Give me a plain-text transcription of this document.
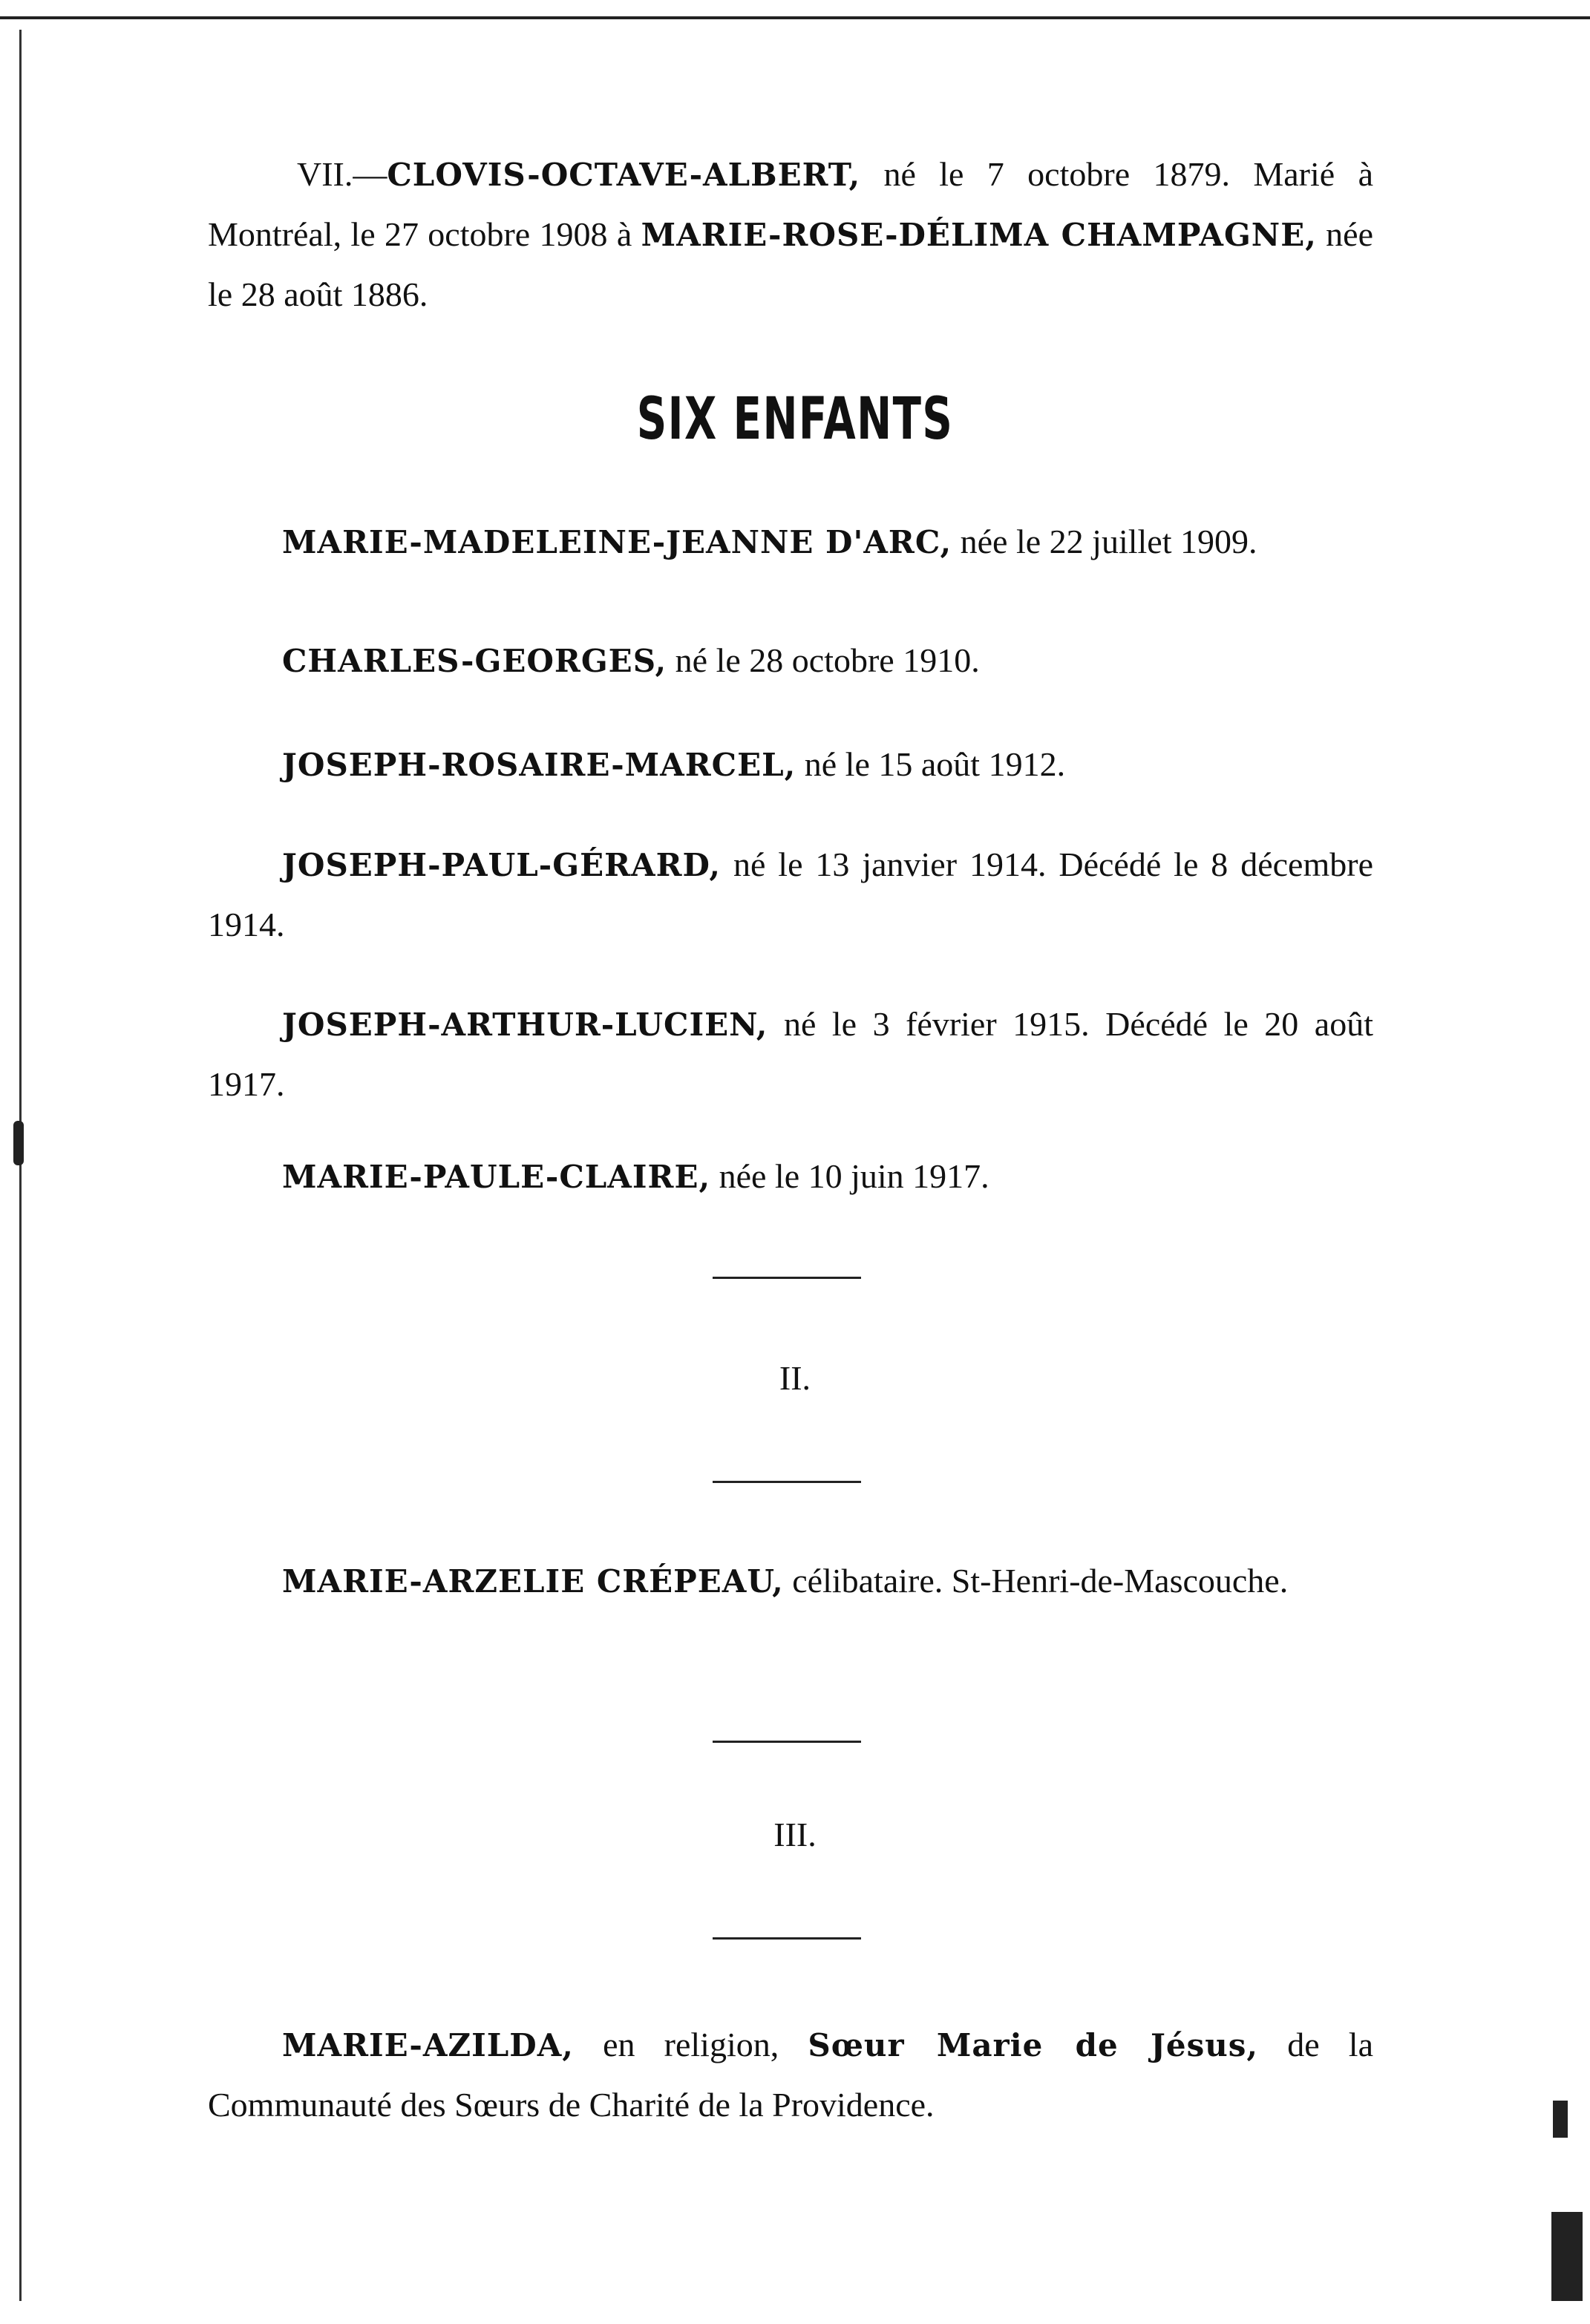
VII.—CLOVIS-OCTAVE-ALBERT, né le 7 octobre 1879. Marié à Montréal, le 27 octobre 1908 à MARIE-ROSE-DÉLIMA CHAMPAGNE, née le 28 août 1886.

SIX ENFANTS

MARIE-MADELEINE-JEANNE D'ARC, née le 22 juillet 1909.

CHARLES-GEORGES, né le 28 octobre 1910.

JOSEPH-ROSAIRE-MARCEL, né le 15 août 1912.

JOSEPH-PAUL-GÉRARD, né le 13 janvier 1914. Décédé le 8 décembre 1914.

JOSEPH-ARTHUR-LUCIEN, né le 3 février 1915. Décédé le 20 août 1917.

MARIE-PAULE-CLAIRE, née le 10 juin 1917.

II.

MARIE-ARZELIE CRÉPEAU, célibataire. St-Henri-de-Mascouche.

III.

MARIE-AZILDA, en religion, Sœur Marie de Jésus, de la Communauté des Sœurs de Charité de la Providence.
